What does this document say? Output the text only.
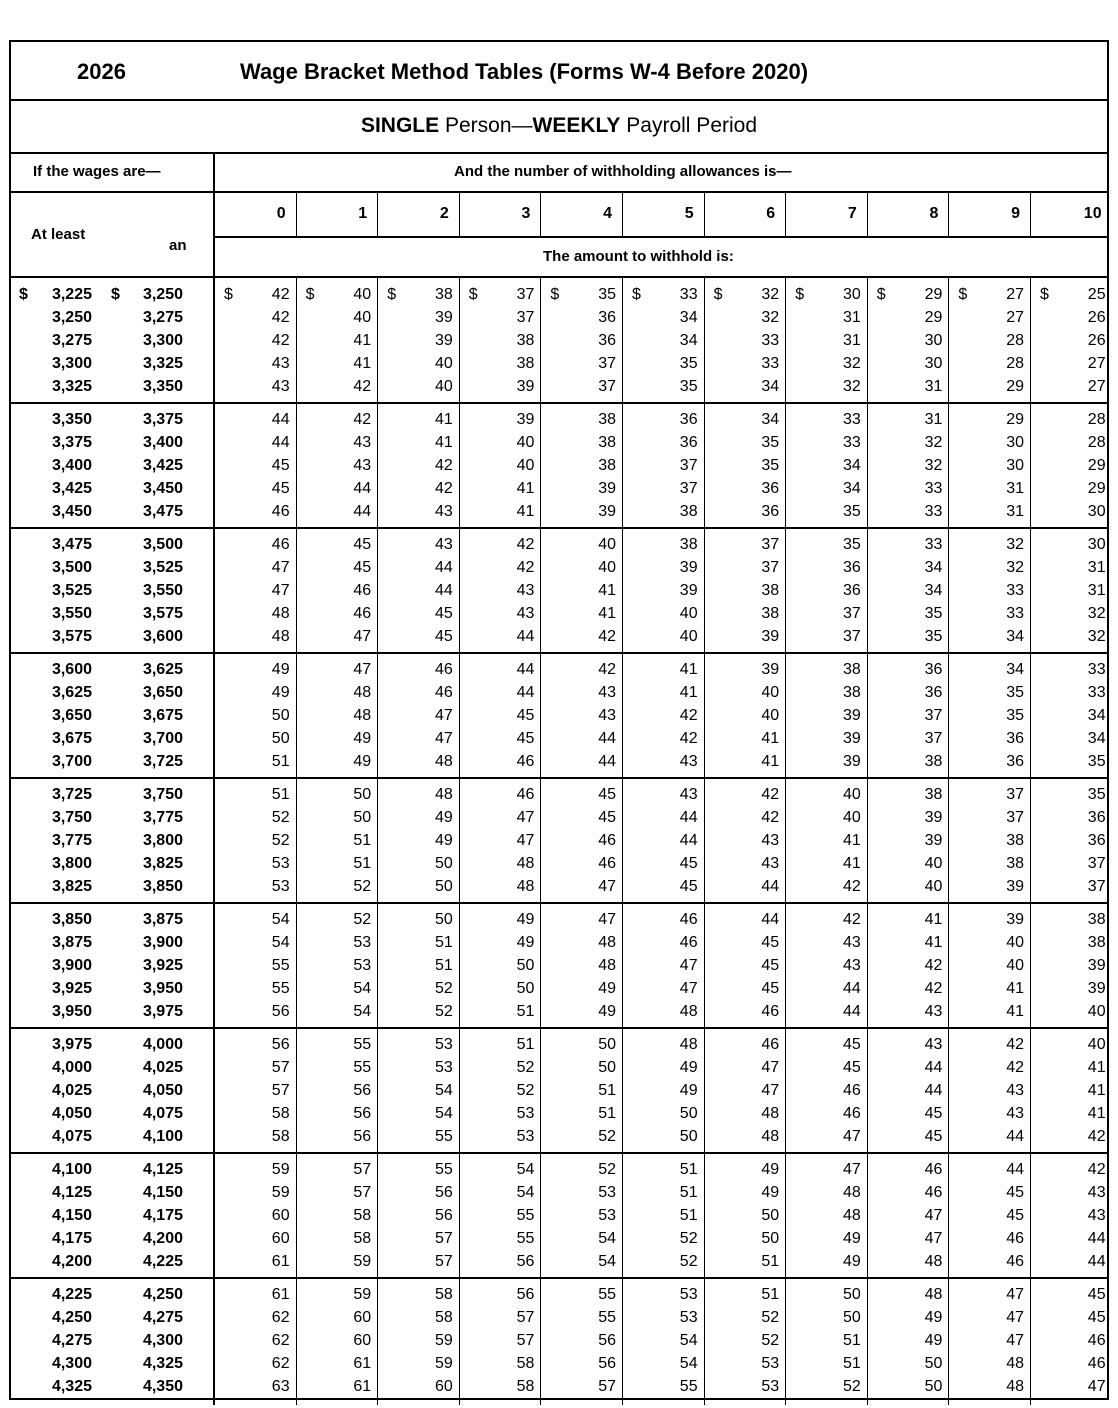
2026	Wage Bracket Method Tables (Forms W-4 Before 2020)
SINGLE Person—WEEKLY Payroll Period
If the wages are—	And the number of withholding allowances is—
At least
an
The amount to withhold is:
0	1	2	3	4	5	6	7	8	9	10
$	$
3,225	3,250	$	42 $	40 $	38 $	37 $	35 $	33 $	32 $	30 $	29 $	27 $	25
3,250	3,275	42	40	39	37	36	34	32	31	29	27	26
3,275	3,300	42	41	39	38	36	34	33	31	30	28	26
3,300	3,325	43	41	40	38	37	35	33	32	30	28	27
3,325	3,350	43	42	40	39	37	35	34	32	31	29	27
3,350	3,375	44	42	41	39	38	36	34	33	31	29	28
3,375	3,400	44	43	41	40	38	36	35	33	32	30	28
3,400	3,425	45	43	42	40	38	37	35	34	32	30	29
3,425	3,450	45	44	42	41	39	37	36	34	33	31	29
3,450	3,475	46	44	43	41	39	38	36	35	33	31	30
3,475	3,500	46	45	43	42	40	38	37	35	33	32	30
3,500	3,525	47	45	44	42	40	39	37	36	34	32	31
3,525	3,550	47	46	44	43	41	39	38	36	34	33	31
3,550	3,575	48	46	45	43	41	40	38	37	35	33	32
3,575	3,600	48	47	45	44	42	40	39	37	35	34	32
3,600	3,625	49	47	46	44	42	41	39	38	36	34	33
3,625	3,650	49	48	46	44	43	41	40	38	36	35	33
3,650	3,675	50	48	47	45	43	42	40	39	37	35	34
3,675	3,700	50	49	47	45	44	42	41	39	37	36	34
3,700	3,725	51	49	48	46	44	43	41	39	38	36	35
3,725	3,750	51	50	48	46	45	43	42	40	38	37	35
3,750	3,775	52	50	49	47	45	44	42	40	39	37	36
3,775	3,800	52	51	49	47	46	44	43	41	39	38	36
3,800	3,825	53	51	50	48	46	45	43	41	40	38	37
3,825	3,850	53	52	50	48	47	45	44	42	40	39	37
3,850	3,875	54	52	50	49	47	46	44	42	41	39	38
3,875	3,900	54	53	51	49	48	46	45	43	41	40	38
3,900	3,925	55	53	51	50	48	47	45	43	42	40	39
3,925	3,950	55	54	52	50	49	47	45	44	42	41	39
3,950	3,975	56	54	52	51	49	48	46	44	43	41	40
3,975	4,000	56	55	53	51	50	48	46	45	43	42	40
4,000	4,025	57	55	53	52	50	49	47	45	44	42	41
4,025	4,050	57	56	54	52	51	49	47	46	44	43	41
4,050	4,075	58	56	54	53	51	50	48	46	45	43	41
4,075	4,100	58	56	55	53	52	50	48	47	45	44	42
4,100	4,125	59	57	55	54	52	51	49	47	46	44	42
4,125	4,150	59	57	56	54	53	51	49	48	46	45	43
4,150	4,175	60	58	56	55	53	51	50	48	47	45	43
4,175	4,200	60	58	57	55	54	52	50	49	47	46	44
4,200	4,225	61	59	57	56	54	52	51	49	48	46	44
4,225	4,250	61	59	58	56	55	53	51	50	48	47	45
4,250	4,275	62	60	58	57	55	53	52	50	49	47	45
4,275	4,300	62	60	59	57	56	54	52	51	49	47	46
4,300	4,325	62	61	59	58	56	54	53	51	50	48	46
4,325	4,350	63	61	60	58	57	55	53	52	50	48	47
